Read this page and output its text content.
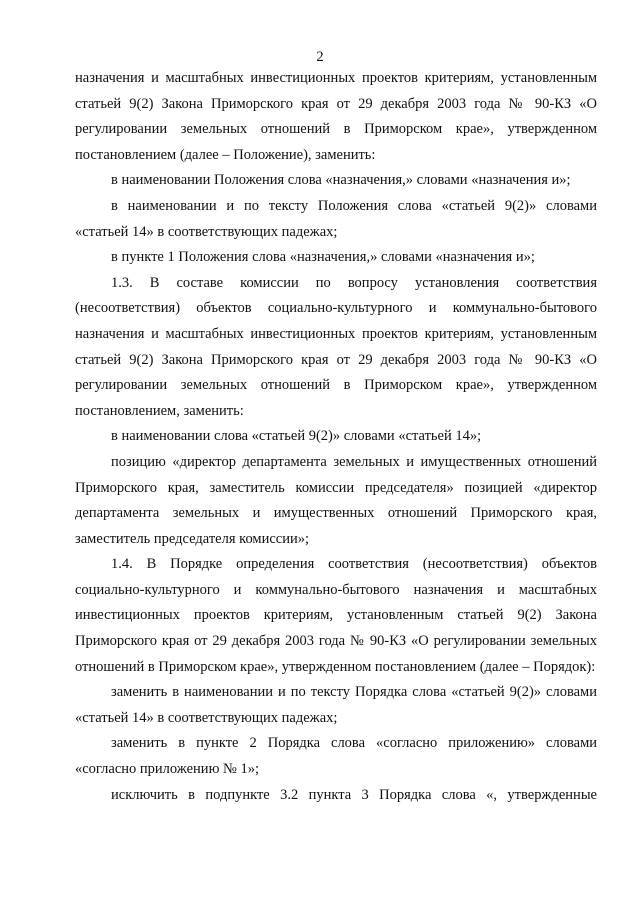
2

назначения и масштабных инвестиционных проектов критериям, установленным статьей 9(2) Закона Приморского края от 29 декабря 2003 года № 90-КЗ «О регулировании земельных отношений в Приморском крае», утвержденном постановлением (далее – Положение), заменить:

в наименовании Положения слова «назначения,» словами «назначения и»;

в наименовании и по тексту Положения слова «статьей 9(2)» словами «статьей 14» в соответствующих падежах;

в пункте 1 Положения слова «назначения,» словами «назначения и»;

1.3. В составе комиссии по вопросу установления соответствия (несоответствия) объектов социально-культурного и коммунально-бытового назначения и масштабных инвестиционных проектов критериям, установленным статьей 9(2) Закона Приморского края от 29 декабря 2003 года № 90-КЗ «О регулировании земельных отношений в Приморском крае», утвержденном постановлением, заменить:

в наименовании слова «статьей 9(2)» словами «статьей 14»;

позицию «директор департамента земельных и имущественных отношений Приморского края, заместитель комиссии председателя» позицией «директор департамента земельных и имущественных отношений Приморского края, заместитель председателя комиссии»;

1.4. В Порядке определения соответствия (несоответствия) объектов социально-культурного и коммунально-бытового назначения и масштабных инвестиционных проектов критериям, установленным статьей 9(2) Закона Приморского края от 29 декабря 2003 года № 90-КЗ «О регулировании земельных отношений в Приморском крае», утвержденном постановлением (далее – Порядок):

заменить в наименовании и по тексту Порядка слова «статьей 9(2)» словами «статьей 14» в соответствующих падежах;

заменить в пункте 2 Порядка слова «согласно приложению» словами «согласно приложению № 1»;

исключить в подпункте 3.2 пункта 3 Порядка слова «, утвержденные
